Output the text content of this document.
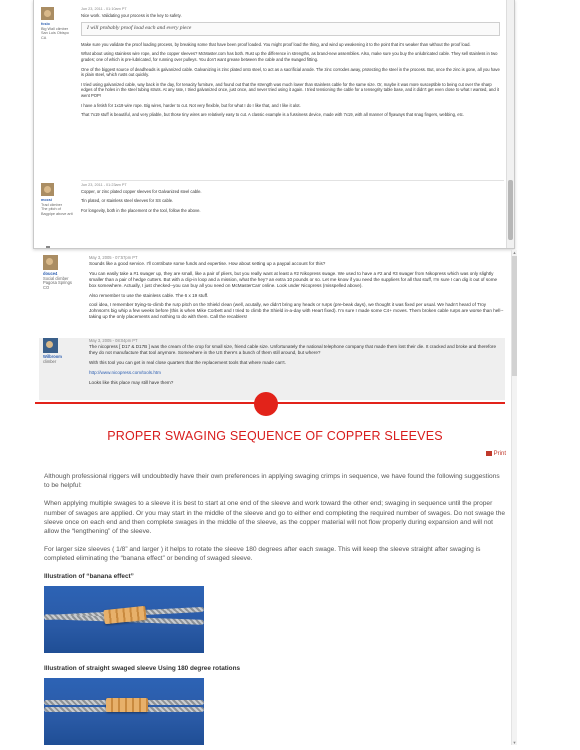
fcsio
Big Wall climber
San Luis Obispo CA
Jun 23, 2011 - 01:10am PT

Nice work. Validating your process is the key to safety.

I will probably proof load each and every piece

Make sure you validate the proof loading process, by breaking some that have been proof loaded. You might proof load the thing, and wind up weakening it to the point that it's weaker than without the proof load.

What about using stainless wire rope, and the copper sleeves? McMaster.com has both. Rust up the difference in strengths, as brand-new assemblies. Also, make sure you buy the unlubricated cable. They sell stainless in two grades; one of which is pre-lubricated, for running over pulleys. You don't want grease between the cable and the swaged fitting.

One of the biggest source of deadheads is galvanized cable. Galvanizing is zinc plated onto steel, to act as a sacrificial anode. The zinc corrodes away, protecting the steel in the process. But, once the zinc is gone, all you have is plain steel, which rusts out quickly.

I tried using galvanized cable, way back in the day, for tenacity furniture, and found out that the strength was much lower than stainless cable for the same size. Or, maybe it was more susceptible to being cut over the sharp edges of the holes in the steel tubing struts. At any rate, I tried galvanized once, just once, and never tried using it again. I tried tensioning the cable for a tensegrity table base, and it didn't get even close to what I wanted, and it went POP!

I have a fetish for 1x19 wire rope. Big wires, harder to cut. Not very flexible, but for what I do I like that, and I like it alot.

That 7x19 stuff is beautiful, and very pliable, but those tiny wires are relatively easy to cut. A classic example is a fussiness device, made with 7x19, with all manner of flyaways that snag fingers, webbing, etc.

mocsi
Trad climber
The pitch of Bagpipe above arti
Jun 23, 2011 - 01:23am PT

Copper, or zinc plated copper sleeves for Galvanized steel cable.

Tin plated, or stainless steel sleeves for SS cable.

For longevity, both in the placement or the tool, follow the above.

douce4
Social climber
Pagosa Springs CO
May 3, 2005 - 07:57pm PT

Sounds like a good service. I'll contribute some funds and expertise. How about setting up a paypal account for this?

You can easily take a #1 swager up, they are small, like a pair of pliers, but you really want at least a #2 Nikopress swage. We used to have a #2 and #3 swager from Nikopress which was only slightly smaller than a pair of hedge cutters. But with a clip-in loop and a mission, what the hey? an extra 10 pounds or so. Let me know if you need the suppliers for all that stuff, I'm sure I can dig it out of some box somewhere. Actually, I just checked--you can buy all you need on McMasterCarr online. Look under Nicopress (misspelled above).

Also remember to use the stainless cable. The 6 x 19 stuff.

cool idea, I remember trying-to-climb the rurp pitch on the Shield clean (well, acutally, we didn't bring any heads or rurps (pre-beak days), we thought it was fixed per usual. We hadn't heard of Troy Johnson's big whip a few weeks before (this is when Mike Corbett and I tried to climb the Shield in-a-day with Heart fixed). I'm sure I made some C4+ moves. Them broken cable rurps are worse than hell--taking up the only placements and nothing to do with them. Call the recablers!

Wilbroom
climber
May 3, 2005 - 08:04pm PT

The nicopress [ D17 & D17B ] was the cream of the crop for small size, friend cable size. Unfortunately the national telephone company that made them lost their die. It cracked and broke and therefore they do not manufacture that tool anymore. Somewhere in the US there's a bunch of them still around, but where?

With this tool you can get in real close quarters that the replacement tools that where made can't.

http://www.nicopress.com/tools.htm

Looks like this place may still have them?

PROPER SWAGING SEQUENCE OF COPPER SLEEVES
Print

Although professional riggers will undoubtedly have their own preferences in applying swaging crimps in sequence, we have found the following suggestions to be helpful:

When applying multiple swages to a sleeve it is best to start at one end of the sleeve and work toward the other end; swaging in sequence until the proper number of swages are applied. Or you may start in the middle of the sleeve and go to either end completing the required number of swages. Do not swage the sleeve once on each end and then complete swages in the middle of the sleeve, as the copper material will not flow properly during expansion and will not allow the “lengthening” of the sleeve.

For larger size sleeves ( 1/8” and larger ) it helps to rotate the sleeve 180 degrees after each swage. This will keep the sleeve straight after swaging is completed eliminating the “banana effect” or bending of swaged sleeve.

Illustration of “banana effect”

Illustration of straight swaged sleeve Using 180 degree rotations

▲
▼
